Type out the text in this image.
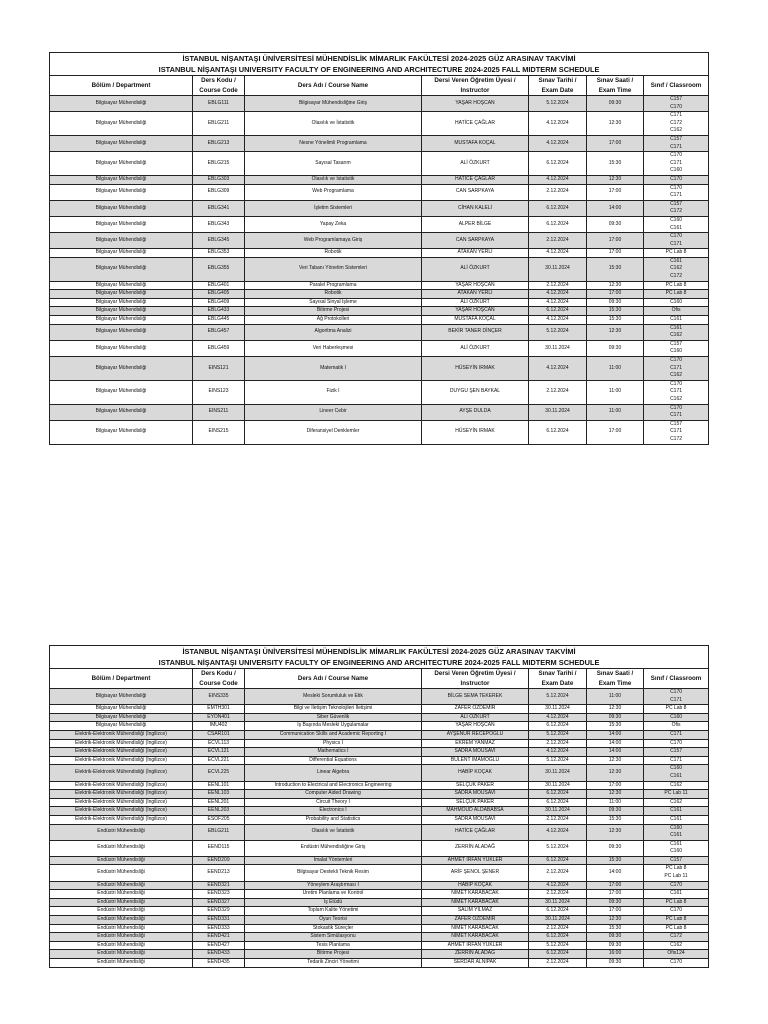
İSTANBUL NİŞANTAŞI ÜNİVERSİTESİ MÜHENDİSLİK MİMARLIK FAKÜLTESİ 2024-2025 GÜZ ARASINAV TAKVİMİ						
ISTANBUL NİŞANTAŞI UNIVERSITY FACULTY OF ENGINEERING AND ARCHITECTURE 2024-2025 FALL MIDTERM SCHEDULE						
Bölüm / Department	Ders Kodu /
Course Code	Ders Adı / Course Name	Dersi Veren Öğretim Üyesi /
Instructor	Sınav Tarihi /
Exam Date	Sınav Saati /
Exam Time	Sınıf / Classroom
Bilgisayar Mühendisliği	EBLG111	Bilgisayar Mühendisliğine Giriş	YAŞAR HOŞCAN	5.12.2024	09:30	C157
C170

Bilgisayar Mühendisliği	EBLG211	Olasılık ve İstatistik	HATİCE ÇAĞLAR	4.12.2024	12:30	C171
C172
C162

Bilgisayar Mühendisliği	EBLG213	Nesne Yönelimli Programlama	MUSTAFA KOÇAL	4.12.2024	17:00	C157
C171

Bilgisayar Mühendisliği	EBLG215	Sayısal Tasarım	ALİ ÖZKURT	6.12.2024	15:30	C170
C171
C160

Bilgisayar Mühendisliği	EBLG303	Olasılık ve İstatistik	HATİCE ÇAĞLAR	4.12.2024	12:30	C170

Bilgisayar Mühendisliği	EBLG309	Web Programlama	CAN SARPKAYA	2.12.2024	17:00	C170
C171

Bilgisayar Mühendisliği	EBLG341	İşletim Sistemleri	CİHAN KALELİ	6.12.2024	14:00	C157
C172

Bilgisayar Mühendisliği	EBLG343	Yapay Zeka	ALPER BİLGE	6.12.2024	09:30	C160
C161

Bilgisayar Mühendisliği	EBLG345	Web Programlamaya Giriş	CAN SARPKAYA	2.12.2024	17:00	C170
C171

Bilgisayar Mühendisliği	EBLG353	Robotik	ATAKAN YERLİ	4.12.2024	17:00	PC Lab 8

Bilgisayar Mühendisliği	EBLG355	Veri Tabanı Yönetim Sistemleri	ALİ ÖZKURT	30.11.2024	15:30	C161
C162
C172

Bilgisayar Mühendisliği	EBLG401	Paralel Programlama	YAŞAR HOŞCAN	2.12.2024	12:30	PC Lab 8

Bilgisayar Mühendisliği	EBLG405	Robotik	ATAKAN YERLİ	4.12.2024	17:00	PC Lab 8

Bilgisayar Mühendisliği	EBLG409	Sayısal Sinyal İşleme	ALİ ÖZKURT	4.12.2024	09:30	C160

Bilgisayar Mühendisliği	EBLG433	Bitirme Projesi	YAŞAR HOŞCAN	6.12.2024	15:30	Ofis

Bilgisayar Mühendisliği	EBLG445	Ağ Protokolleri	MUSTAFA KOÇAL	4.12.2024	15:30	C161

Bilgisayar Mühendisliği	EBLG457	Algoritma Analizi	BEKİR TANER DİNÇER	5.12.2024	12:30	C161
C162

Bilgisayar Mühendisliği	EBLG459	Veri Haberleşmesi	ALİ ÖZKURT	30.11.2024	09:30	C157
C160

Bilgisayar Mühendisliği	EINS121	Matematik I	HÜSEYİN IRMAK	4.12.2024	11:00	C170
C171
C162

Bilgisayar Mühendisliği	EINS123	Fizik I	DUYGU ŞEN BAYKAL	2.12.2024	11:00	C170
C171
C162

Bilgisayar Mühendisliği	EINS211	Lineer Cebir	AYŞE DULDA	30.11.2024	11:00	C170
C171

Bilgisayar Mühendisliği	EINS215	Diferansiyel Denklemler	HÜSEYİN IRMAK	6.12.2024	17:00	C157
C171
C172
İSTANBUL NİŞANTAŞI ÜNİVERSİTESİ MÜHENDİSLİK MİMARLIK FAKÜLTESİ 2024-2025 GÜZ ARASINAV TAKVİMİ						
ISTANBUL NİŞANTAŞI UNIVERSITY FACULTY OF ENGINEERING AND ARCHITECTURE 2024-2025 FALL MIDTERM SCHEDULE						
Bölüm / Department	Ders Kodu /
Course Code	Ders Adı / Course Name	Dersi Veren Öğretim Üyesi /
Instructor	Sınav Tarihi /
Exam Date	Sınav Saati /
Exam Time	Sınıf / Classroom
Bilgisayar Mühendisliği	EINS335	Mesleki Sorumluluk ve Etik	BİLGE SEMA TEKEREK	5.12.2024	11:00	C170
C171

Bilgisayar Mühendisliği	EMTH301	Bilgi ve İletişim Teknolojileri İletişimi	ZAFER ÖZDEMİR	30.11.2024	12:30	PC Lab 8

Bilgisayar Mühendisliği	EYON401	Siber Güvenlik	ALİ ÖZKURT	4.12.2024	09:30	C160

Bilgisayar Mühendisliği	IMU402	İş Başında Mesleki Uygulamalar	YAŞAR HOŞCAN	6.12.2024	15:30	Ofis

Elektrik-Elektronik Mühendisliği (İngilizce)	CSAR101	Communication Skills and Academic Reporting I	AYŞENUR RECEPOĞLU	5.12.2024	14:00	C171

Elektrik-Elektronik Mühendisliği (İngilizce)	ECVL113	Physics I	EKREM YANMAZ	2.12.2024	14:00	C170

Elektrik-Elektronik Mühendisliği (İngilizce)	ECVL121	Mathematics I	SADRA MOUSAVI	4.12.2024	14:00	C157

Elektrik-Elektronik Mühendisliği (İngilizce)	ECVL221	Differential Equations	BÜLENT İMAMOĞLU	5.12.2024	12:30	C171

Elektrik-Elektronik Mühendisliği (İngilizce)	ECVL225	Linear Algebra	HABİP KOÇAK	30.11.2024	12:30	C160
C161

Elektrik-Elektronik Mühendisliği (İngilizce)	EENL101	Introduction to Electrical and Electronics Engineering	SELÇUK PAKER	30.11.2024	17:00	C162

Elektrik-Elektronik Mühendisliği (İngilizce)	EENL103	Computer Aided Drawing	SADRA MOUSAVI	6.12.2024	12:30	PC Lab 11

Elektrik-Elektronik Mühendisliği (İngilizce)	EENL201	Circuit Theory I	SELÇUK PAKER	6.12.2024	11:00	C162

Elektrik-Elektronik Mühendisliği (İngilizce)	EENL203	Electronics I	MAHMOUD ALDABABSA	30.11.2024	09:30	C161

Elektrik-Elektronik Mühendisliği (İngilizce)	ESOF205	Probability and Statistics	SADRA MOUSAVI	2.12.2024	15:30	C161

Endüstri Mühendisliği	EBLG211	Olasılık ve İstatistik	HATİCE ÇAĞLAR	4.12.2024	12:30	C160
C161

Endüstri Mühendisliği	EEND115	Endüstri Mühendisliğine Giriş	ZERRİN ALADAĞ	5.12.2024	09:30	C161
C160

Endüstri Mühendisliği	EEND209	İmalat Yöntemleri	AHMET İRFAN YÜKLER	6.12.2024	15:30	C157

Endüstri Mühendisliği	EEND213	Bilgisayar Destekli Teknik Resim	ARİF ŞENOL ŞENER	2.12.2024	14:00	PC Lab 8
PC Lab 11

Endüstri Mühendisliği	EEND321	Yöneylem Araştırması I	HABİP KOÇAK	4.12.2024	17:00	C170

Endüstri Mühendisliği	EEND323	Üretim Planlama ve Kontrol	NİMET KARABACAK	2.12.2024	17:00	C161

Endüstri Mühendisliği	EEND327	İş Etüdü	NİMET KARABACAK	30.11.2024	09:30	PC Lab 8

Endüstri Mühendisliği	EEND329	Toplam Kalite Yönetimi	SALİM YILMAZ	6.12.2024	17:00	C170

Endüstri Mühendisliği	EEND331	Oyun Teorisi	ZAFER ÖZDEMİR	30.11.2024	12:30	PC Lab 8

Endüstri Mühendisliği	EEND333	Stokastik Süreçler	NİMET KARABACAK	2.12.2024	15:30	PC Lab 8

Endüstri Mühendisliği	EEND421	Sistem Simülasyonu	NİMET KARABACAK	6.12.2024	09:30	C172

Endüstri Mühendisliği	EEND427	Tesis Planlama	AHMET İRFAN YÜKLER	5.12.2024	09:30	C162

Endüstri Mühendisliği	EEND433	Bitirme Projesi	ZERRİN ALADAĞ	6.12.2024	16:00	Ofis124

Endüstri Mühendisliği	EEND435	Tedarik Zinciri Yönetimi	SERDAR ALNIPAK	2.12.2024	09:30	C170
